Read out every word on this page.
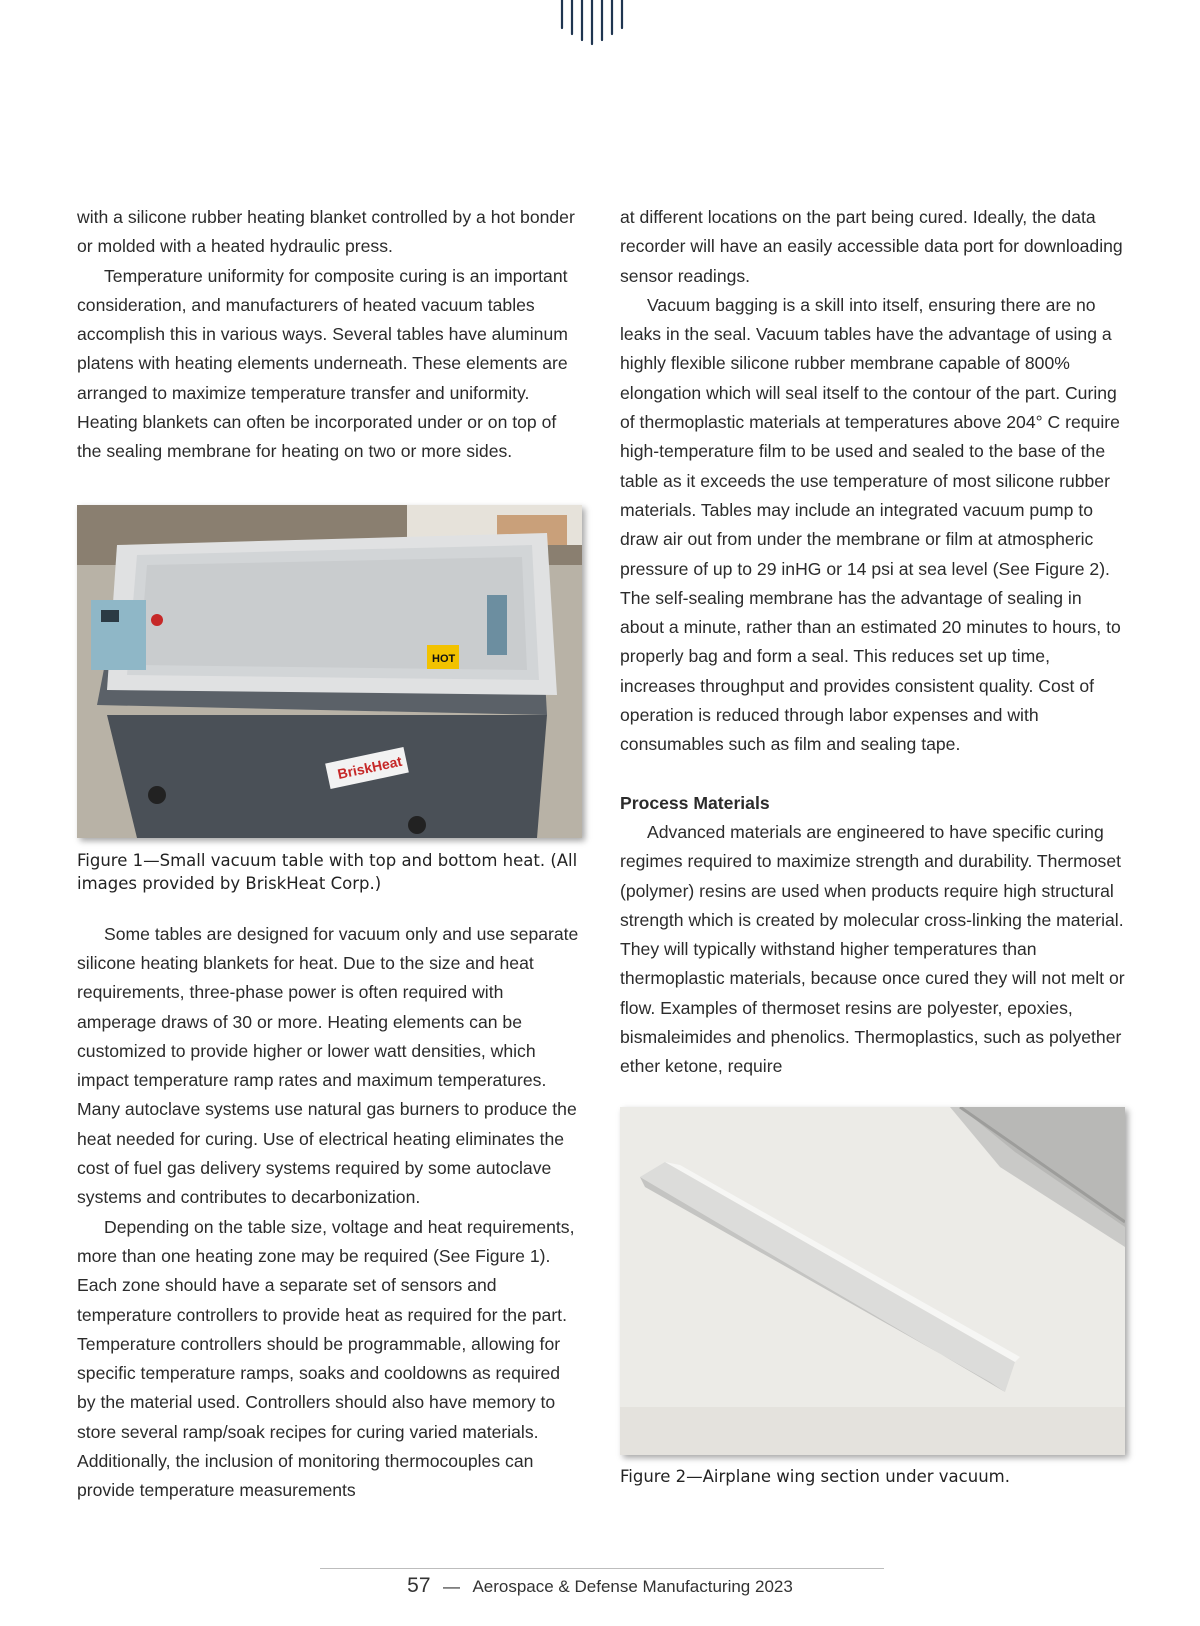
with a silicone rubber heating blanket controlled by a hot bonder or molded with a heated hydraulic press.

Temperature uniformity for composite curing is an important consideration, and manufacturers of heated vacuum tables accomplish this in various ways. Several tables have aluminum platens with heating elements underneath. These elements are arranged to maximize temperature transfer and uniformity. Heating blankets can often be incorporated under or on top of the sealing membrane for heating on two or more sides.

BriskHeat
HOT

Figure 1—Small vacuum table with top and bottom heat. (All images provided by BriskHeat Corp.)

Some tables are designed for vacuum only and use separate silicone heating blankets for heat. Due to the size and heat requirements, three-phase power is often required with amperage draws of 30 or more. Heating elements can be customized to provide higher or lower watt densities, which impact temperature ramp rates and maximum temperatures. Many autoclave systems use natural gas burners to produce the heat needed for curing. Use of electrical heating eliminates the cost of fuel gas delivery systems required by some autoclave systems and contributes to decarbonization.

Depending on the table size, voltage and heat requirements, more than one heating zone may be required (See Figure 1). Each zone should have a separate set of sensors and temperature controllers to provide heat as required for the part. Temperature controllers should be programmable, allowing for specific temperature ramps, soaks and cooldowns as required by the material used. Controllers should also have memory to store several ramp/soak recipes for curing varied materials. Additionally, the inclusion of monitoring thermocouples can provide temperature measurements

at different locations on the part being cured. Ideally, the data recorder will have an easily accessible data port for downloading sensor readings.

Vacuum bagging is a skill into itself, ensuring there are no leaks in the seal. Vacuum tables have the advantage of using a highly flexible silicone rubber membrane capable of 800% elongation which will seal itself to the contour of the part. Curing of thermoplastic materials at temperatures above 204° C require high-temperature film to be used and sealed to the base of the table as it exceeds the use temperature of most silicone rubber materials. Tables may include an integrated vacuum pump to draw air out from under the membrane or film at atmospheric pressure of up to 29 inHG or 14 psi at sea level (See Figure 2). The self-sealing membrane has the advantage of sealing in about a minute, rather than an estimated 20 minutes to hours, to properly bag and form a seal. This reduces set up time, increases throughput and provides consistent quality. Cost of operation is reduced through labor expenses and with consumables such as film and sealing tape.

Process Materials

Advanced materials are engineered to have specific curing regimes required to maximize strength and durability. Thermoset (polymer) resins are used when products require high structural strength which is created by molecular cross-linking the material. They will typically withstand higher temperatures than thermoplastic materials, because once cured they will not melt or flow. Examples of thermoset resins are polyester, epoxies, bismaleimides and phenolics. Thermoplastics, such as polyether ether ketone, require

Figure 2—Airplane wing section under vacuum.

57 — Aerospace & Defense Manufacturing 2023
